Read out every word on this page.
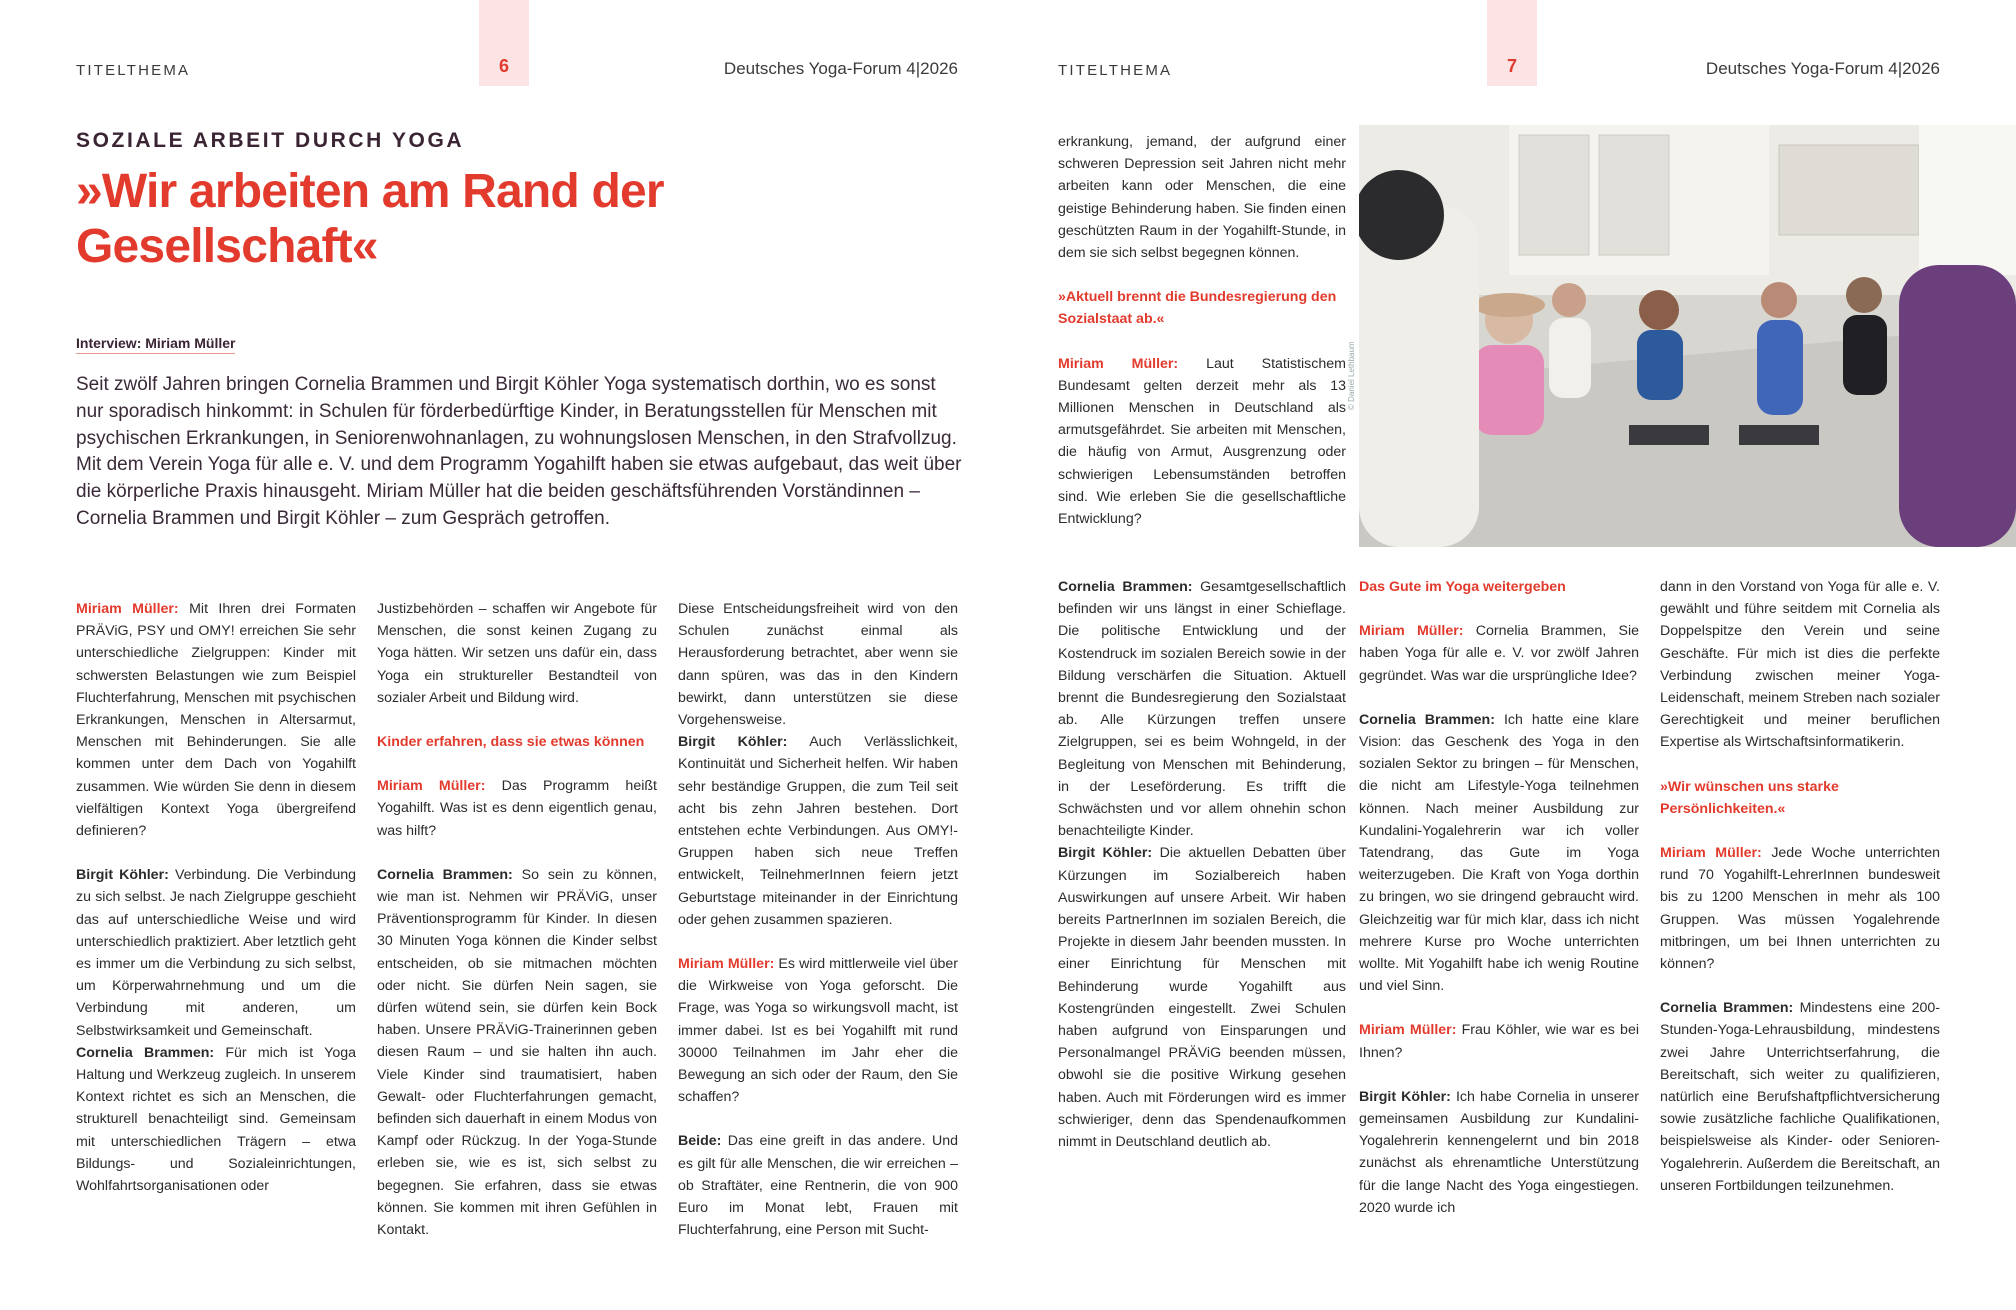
TITELTHEMA	6	Deutsches Yoga-Forum 4|2026
SOZIALE ARBEIT DURCH YOGA
»Wir arbeiten am Rand der
Gesellschaft«
Interview: Miriam Müller

Seit zwölf Jahren bringen Cornelia Brammen und Birgit Köhler Yoga systematisch dorthin, wo es sonst nur sporadisch hinkommt: in Schulen für förderbedürftige Kinder, in Beratungsstellen für Menschen mit psychischen Erkrankungen, in Seniorenwohnanlagen, zu wohnungslosen Menschen, in den Strafvollzug. Mit dem Verein Yoga für alle e. V. und dem Programm Yogahilft haben sie etwas aufgebaut, das weit über die körperliche Praxis hinausgeht. Miriam Müller hat die beiden geschäftsführenden Vorständinnen – Cornelia Brammen und Birgit Köhler – zum Gespräch getroffen.

Miriam Müller: Mit Ihren drei Formaten PRÄViG, PSY und OMY! erreichen Sie sehr unterschiedliche Zielgruppen: Kinder mit schwersten Belastungen wie zum Beispiel Fluchterfahrung, Menschen mit psychischen Erkrankungen, Menschen in Altersarmut, Menschen mit Behinderungen. Sie alle kommen unter dem Dach von Yogahilft zusammen. Wie würden Sie denn in diesem vielfältigen Kontext Yoga übergreifend definieren?

Birgit Köhler: Verbindung. Die Verbindung zu sich selbst. Je nach Zielgruppe geschieht das auf unterschiedliche Weise und wird unterschiedlich praktiziert. Aber letztlich geht es immer um die Verbindung zu sich selbst, um Körperwahrnehmung und um die Verbindung mit anderen, um Selbstwirksamkeit und Gemeinschaft.

Cornelia Brammen: Für mich ist Yoga Haltung und Werkzeug zugleich. In unserem Kontext richtet es sich an Menschen, die strukturell benachteiligt sind. Gemeinsam mit unterschiedlichen Trägern – etwa Bildungs- und Sozialeinrichtungen, Wohlfahrtsorganisationen oder

Justizbehörden – schaffen wir Angebote für Menschen, die sonst keinen Zugang zu Yoga hätten. Wir setzen uns dafür ein, dass Yoga ein struktureller Bestandteil von sozialer Arbeit und Bildung wird.

Kinder erfahren, dass sie etwas können

Miriam Müller: Das Programm heißt Yogahilft. Was ist es denn eigentlich genau, was hilft?

Cornelia Brammen: So sein zu können, wie man ist. Nehmen wir PRÄViG, unser Präventionsprogramm für Kinder. In diesen 30 Minuten Yoga können die Kinder selbst entscheiden, ob sie mitmachen möchten oder nicht. Sie dürfen Nein sagen, sie dürfen wütend sein, sie dürfen kein Bock haben. Unsere PRÄViG-Trainerinnen geben diesen Raum – und sie halten ihn auch. Viele Kinder sind traumatisiert, haben Gewalt- oder Fluchterfahrungen gemacht, befinden sich dauerhaft in einem Modus von Kampf oder Rückzug. In der Yoga-Stunde erleben sie, wie es ist, sich selbst zu begegnen. Sie erfahren, dass sie etwas können. Sie kommen mit ihren Gefühlen in Kontakt.

Diese Entscheidungsfreiheit wird von den Schulen zunächst einmal als Herausforderung betrachtet, aber wenn sie dann spüren, was das in den Kindern bewirkt, dann unterstützen sie diese Vorgehensweise.

Birgit Köhler: Auch Verlässlichkeit, Kontinuität und Sicherheit helfen. Wir haben sehr beständige Gruppen, die zum Teil seit acht bis zehn Jahren bestehen. Dort entstehen echte Verbindungen. Aus OMY!-Gruppen haben sich neue Treffen entwickelt, TeilnehmerInnen feiern jetzt Geburtstage miteinander in der Einrichtung oder gehen zusammen spazieren.

Miriam Müller: Es wird mittlerweile viel über die Wirkweise von Yoga geforscht. Die Frage, was Yoga so wirkungsvoll macht, ist immer dabei. Ist es bei Yogahilft mit rund 30000 Teilnahmen im Jahr eher die Bewegung an sich oder der Raum, den Sie schaffen?

Beide: Das eine greift in das andere. Und es gilt für alle Menschen, die wir erreichen – ob Straftäter, eine Rentnerin, die von 900 Euro im Monat lebt, Frauen mit Fluchterfahrung, eine Person mit Sucht-

TITELTHEMA	7	Deutsches Yoga-Forum 4|2026

erkrankung, jemand, der aufgrund einer schweren Depression seit Jahren nicht mehr arbeiten kann oder Menschen, die eine geistige Behinderung haben. Sie finden einen geschützten Raum in der Yogahilft-Stunde, in dem sie sich selbst begegnen können.

»Aktuell brennt die Bundesregierung den Sozialstaat ab.«

Miriam Müller: Laut Statistischem Bundesamt gelten derzeit mehr als 13 Millionen Menschen in Deutschland als armutsgefährdet. Sie arbeiten mit Menschen, die häufig von Armut, Ausgrenzung oder schwierigen Lebensumständen betroffen sind. Wie erleben Sie die gesellschaftliche Entwicklung?

Cornelia Brammen: Gesamtgesellschaftlich befinden wir uns längst in einer Schieflage. Die politische Entwicklung und der Kostendruck im sozialen Bereich sowie in der Bildung verschärfen die Situation. Aktuell brennt die Bundesregierung den Sozialstaat ab. Alle Kürzungen treffen unsere Zielgruppen, sei es beim Wohngeld, in der Begleitung von Menschen mit Behinderung, in der Leseförderung. Es trifft die Schwächsten und vor allem ohnehin schon benachteiligte Kinder.

Birgit Köhler: Die aktuellen Debatten über Kürzungen im Sozialbereich haben Auswirkungen auf unsere Arbeit. Wir haben bereits PartnerInnen im sozialen Bereich, die Projekte in diesem Jahr beenden mussten. In einer Einrichtung für Menschen mit Behinderung wurde Yogahilft aus Kostengründen eingestellt. Zwei Schulen haben aufgrund von Einsparungen und Personalmangel PRÄViG beenden müssen, obwohl sie die positive Wirkung gesehen haben. Auch mit Förderungen wird es immer schwieriger, denn das Spendenaufkommen nimmt in Deutschland deutlich ab.

Das Gute im Yoga weitergeben

Miriam Müller: Cornelia Brammen, Sie haben Yoga für alle e. V. vor zwölf Jahren gegründet. Was war die ursprüngliche Idee?

Cornelia Brammen: Ich hatte eine klare Vision: das Geschenk des Yoga in den sozialen Sektor zu bringen – für Menschen, die nicht am Lifestyle-Yoga teilnehmen können. Nach meiner Ausbildung zur Kundalini-Yogalehrerin war ich voller Tatendrang, das Gute im Yoga weiterzugeben. Die Kraft von Yoga dorthin zu bringen, wo sie dringend gebraucht wird. Gleichzeitig war für mich klar, dass ich nicht mehrere Kurse pro Woche unterrichten wollte. Mit Yogahilft habe ich wenig Routine und viel Sinn.

Miriam Müller: Frau Köhler, wie war es bei Ihnen?

Birgit Köhler: Ich habe Cornelia in unserer gemeinsamen Ausbildung zur Kundalini-Yogalehrerin kennengelernt und bin 2018 zunächst als ehrenamtliche Unterstützung für die lange Nacht des Yoga eingestiegen. 2020 wurde ich

dann in den Vorstand von Yoga für alle e. V. gewählt und führe seitdem mit Cornelia als Doppelspitze den Verein und seine Geschäfte. Für mich ist dies die perfekte Verbindung zwischen meiner Yoga-Leidenschaft, meinem Streben nach sozialer Gerechtigkeit und meiner beruflichen Expertise als Wirtschaftsinformatikerin.

»Wir wünschen uns starke Persönlichkeiten.«

Miriam Müller: Jede Woche unterrichten rund 70 Yogahilft-LehrerInnen bundesweit bis zu 1200 Menschen in mehr als 100 Gruppen. Was müssen Yogalehrende mitbringen, um bei Ihnen unterrichten zu können?

Cornelia Brammen: Mindestens eine 200-Stunden-Yoga-Lehrausbildung, mindestens zwei Jahre Unterrichtserfahrung, die Bereitschaft, sich weiter zu qualifizieren, natürlich eine Berufshaftpflichtversicherung sowie zusätzliche fachliche Qualifikationen, beispielsweise als Kinder- oder Senioren-Yogalehrerin. Außerdem die Bereitschaft, an unseren Fortbildungen teilzunehmen.

© Daniel Lethbaum
